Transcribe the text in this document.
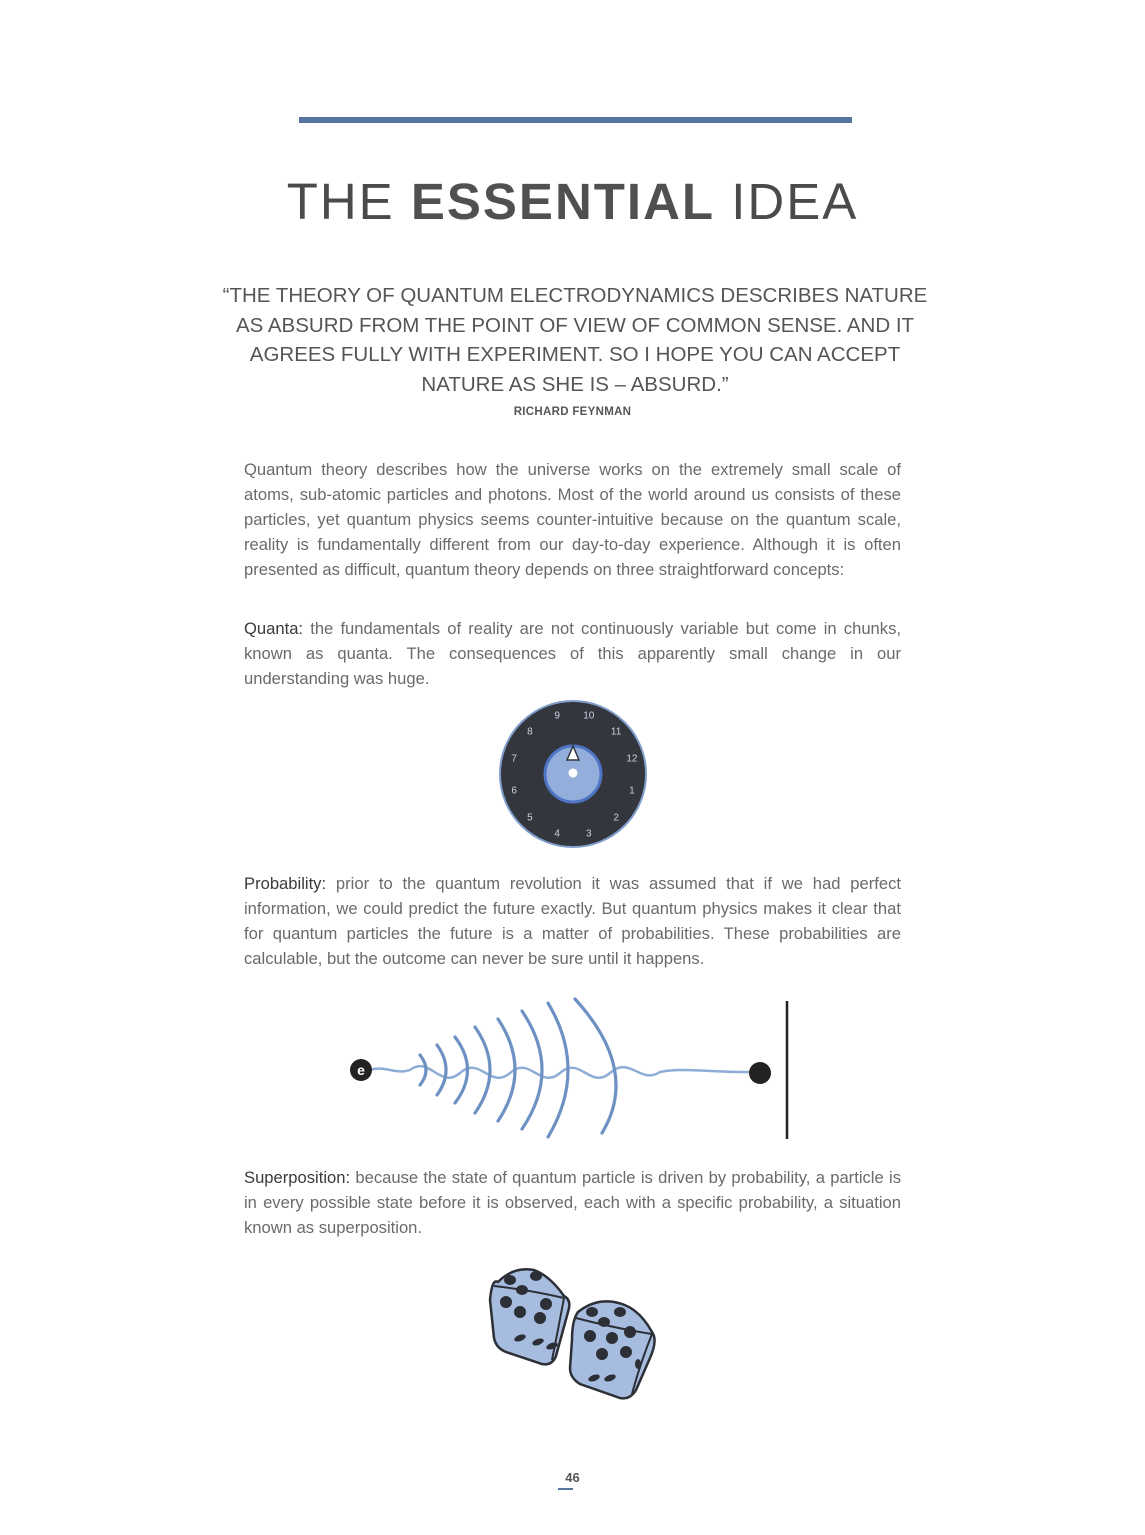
THE ESSENTIAL IDEA
“THE THEORY OF QUANTUM ELECTRODYNAMICS DESCRIBES NATURE AS ABSURD FROM THE POINT OF VIEW OF COMMON SENSE. AND IT AGREES FULLY WITH EXPERIMENT. SO I HOPE YOU CAN ACCEPT NATURE AS SHE IS – ABSURD.”
RICHARD FEYNMAN

Quantum theory describes how the universe works on the extremely small scale of atoms, sub-atomic particles and photons. Most of the world around us consists of these particles, yet quantum physics seems counter-intuitive because on the quantum scale, reality is fundamentally different from our day-to-day experience. Although it is often presented as difficult, quantum theory depends on three straightforward concepts:

Quanta: the fundamentals of reality are not continuously variable but come in chunks, known as quanta. The consequences of this apparently small change in our understanding was huge.

1
2
3
4
5
6
7
8
9 10
11
12

Probability: prior to the quantum revolution it was assumed that if we had perfect information, we could predict the future exactly. But quantum physics makes it clear that for quantum particles the future is a matter of probabilities. These probabilities are calculable, but the outcome can never be sure until it happens.

e

Superposition: because the state of quantum particle is driven by probability, a particle is in every possible state before it is observed, each with a specific probability, a situation known as superposition.

46
